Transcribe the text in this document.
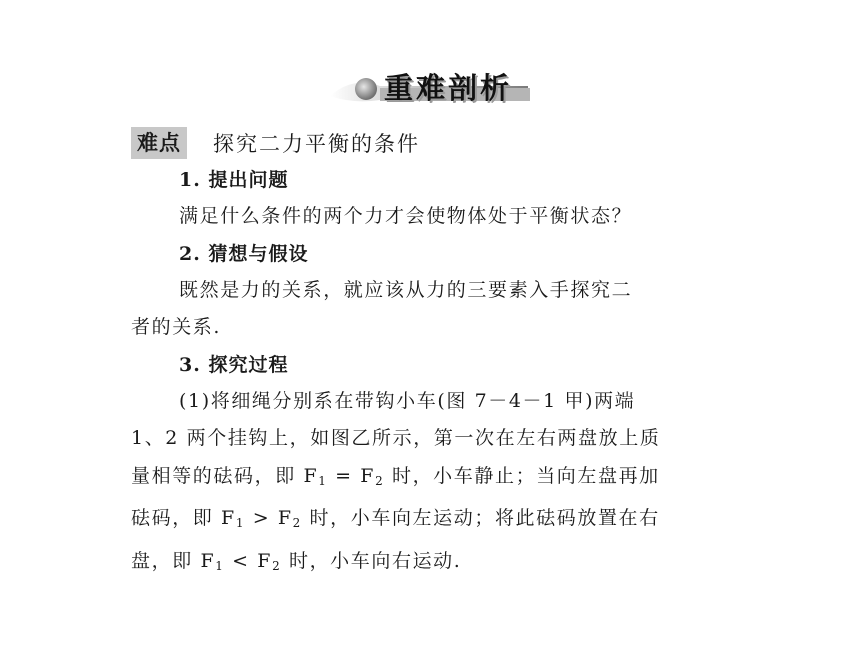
重难剖析
难点 探究二力平衡的条件
1. 提出问题
满足什么条件的两个力才会使物体处于平衡状态？
2. 猜想与假设
既然是力的关系，就应该从力的三要素入手探究二
者的关系.
3. 探究过程
(1)将细绳分别系在带钩小车(图 7－4－1 甲)两端
1、2 两个挂钩上，如图乙所示，第一次在左右两盘放上质
量相等的砝码，即 $F_1 = F_2$ 时，小车静止；当向左盘再加
砝码，即 $F_1 > F_2$ 时，小车向左运动；将此砝码放置在右
盘，即 $F_1 < F_2$ 时，小车向右运动.
